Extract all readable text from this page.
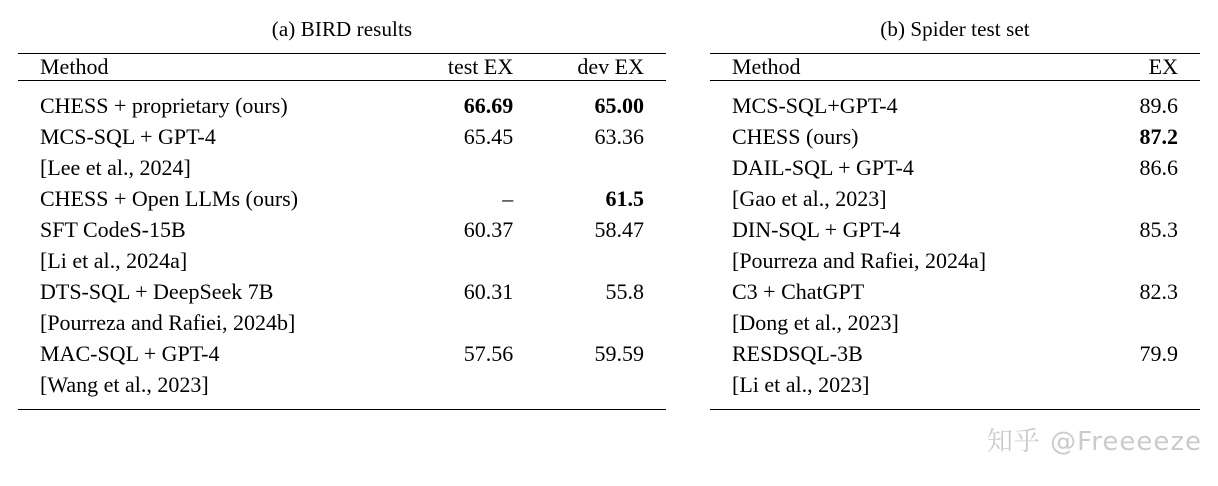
(a) BIRD results

Method	test EX	dev EX

CHESS + proprietary (ours)	66.69	65.00
MCS-SQL + GPT-4	65.45	63.36
[Lee et al., 2024]		
CHESS + Open LLMs (ours)	–	61.5
SFT CodeS-15B	60.37	58.47
[Li et al., 2024a]		
DTS-SQL + DeepSeek 7B	60.31	55.8
[Pourreza and Rafiei, 2024b]		
MAC-SQL + GPT-4	57.56	59.59
[Wang et al., 2023]		

(b) Spider test set

Method	EX

MCS-SQL+GPT-4	89.6
CHESS (ours)	87.2
DAIL-SQL + GPT-4	86.6
[Gao et al., 2023]	
DIN-SQL + GPT-4	85.3
[Pourreza and Rafiei, 2024a]	
C3 + ChatGPT	82.3
[Dong et al., 2023]	
RESDSQL-3B	79.9
[Li et al., 2023]	

知乎 @Freeeeze
